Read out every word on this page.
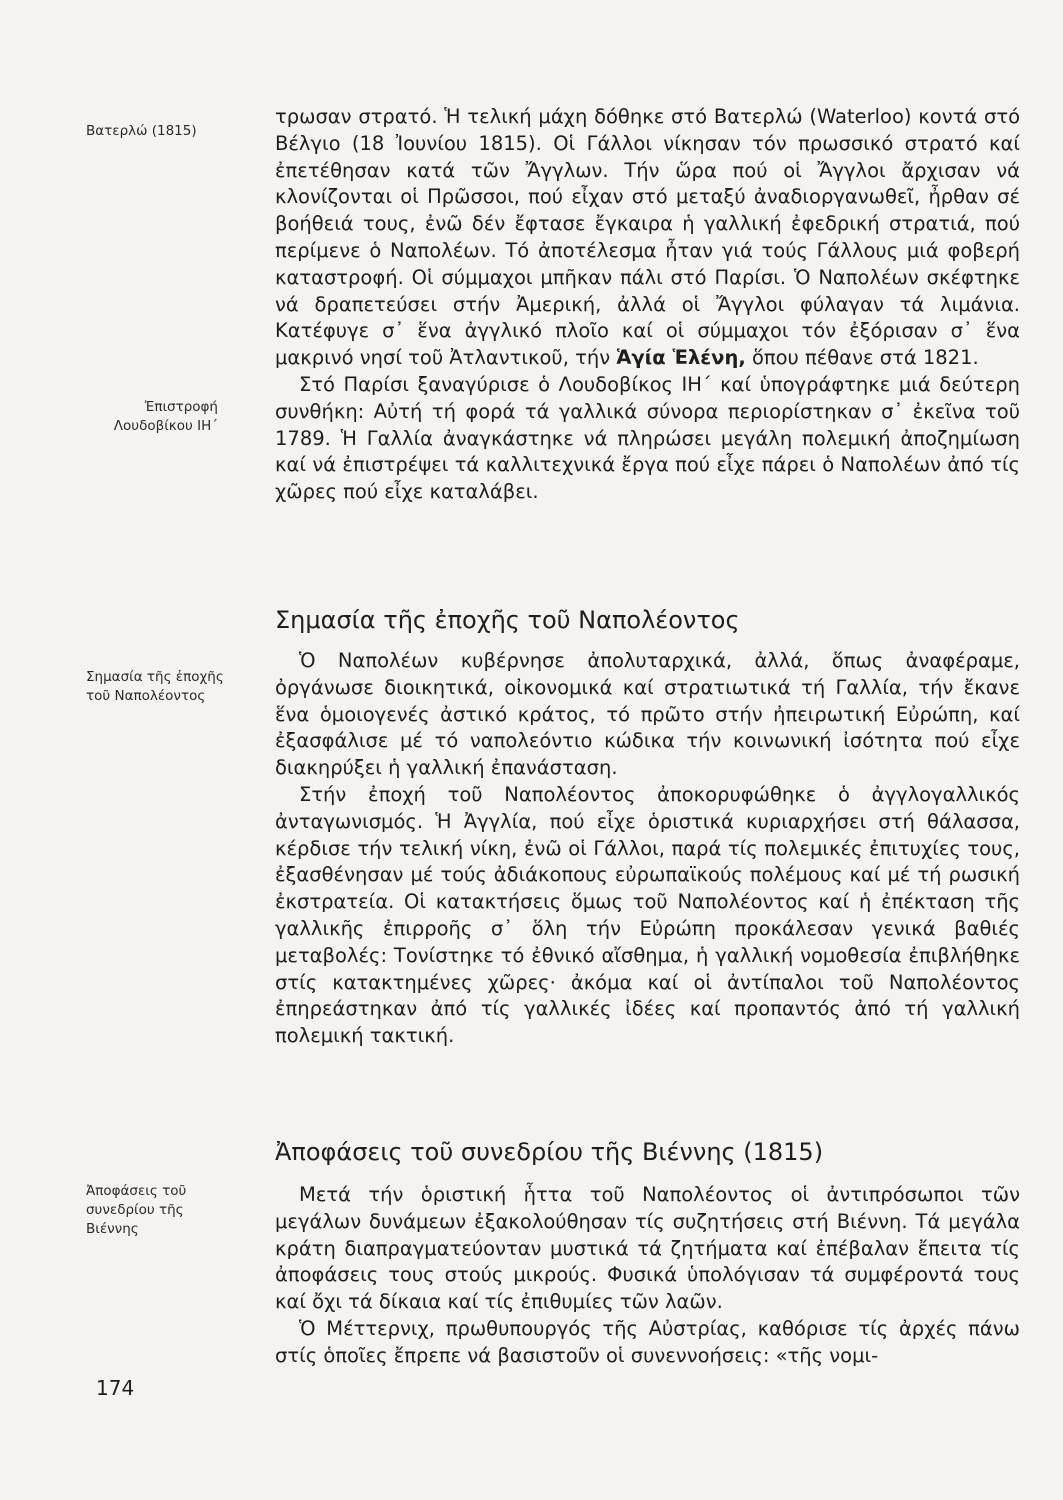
Βατερλώ (1815)
Ἐπιστροφή
Λουδοβίκου ΙΗ΄
Σημασία τῆς ἐποχῆς
τοῦ Ναπολέοντος
Ἀποφάσεις τοῦ
συνεδρίου τῆς
Βιέννης

τρωσαν στρατό. Ἡ τελική μάχη δόθηκε στό Βατερλώ (Waterloo) κοντά στό Βέλγιο (18 Ἰουνίου 1815). Οἱ Γάλλοι νίκησαν τόν πρωσσικό στρατό καί ἐπετέθησαν κατά τῶν Ἄγγλων. Τήν ὥρα πού οἱ Ἄγγλοι ἄρχισαν νά κλονίζονται οἱ Πρῶσσοι, πού εἶχαν στό μεταξύ ἀναδιοργανωθεῖ, ἦρθαν σέ βοήθειά τους, ἐνῶ δέν ἔφτασε ἔγκαιρα ἡ γαλλική ἐφεδρική στρατιά, πού περίμενε ὁ Ναπολέων. Τό ἀποτέλεσμα ἦταν γιά τούς Γάλλους μιά φοβερή καταστροφή. Οἱ σύμμαχοι μπῆκαν πάλι στό Παρίσι. Ὁ Ναπολέων σκέφτηκε νά δραπετεύσει στήν Ἀμερική, ἀλλά οἱ Ἄγγλοι φύλαγαν τά λιμάνια. Κατέφυγε σ᾽ ἕνα ἀγγλικό πλοῖο καί οἱ σύμμαχοι τόν ἐξόρισαν σ᾽ ἕνα μακρινό νησί τοῦ Ἀτλαντικοῦ, τήν Ἁγία Ἑλένη, ὅπου πέθανε στά 1821.

Στό Παρίσι ξαναγύρισε ὁ Λουδοβίκος ΙΗ΄ καί ὑπογράφτηκε μιά δεύτερη συνθήκη: Αὐτή τή φορά τά γαλλικά σύνορα περιορίστηκαν σ᾽ ἐκεῖνα τοῦ 1789. Ἡ Γαλλία ἀναγκάστηκε νά πληρώσει μεγάλη πολεμική ἀποζημίωση καί νά ἐπιστρέψει τά καλλιτεχνικά ἔργα πού εἶχε πάρει ὁ Ναπολέων ἀπό τίς χῶρες πού εἶχε καταλάβει.

Σημασία τῆς ἐποχῆς τοῦ Ναπολέοντος

Ὁ Ναπολέων κυβέρνησε ἀπολυταρχικά, ἀλλά, ὅπως ἀναφέραμε, ὀργάνωσε διοικητικά, οἰκονομικά καί στρατιωτικά τή Γαλλία, τήν ἔκανε ἕνα ὁμοιογενές ἀστικό κράτος, τό πρῶτο στήν ἠπειρωτική Εὐρώπη, καί ἐξασφάλισε μέ τό ναπολεόντιο κώδικα τήν κοινωνική ἰσότητα πού εἶχε διακηρύξει ἡ γαλλική ἐπανάσταση.

Στήν ἐποχή τοῦ Ναπολέοντος ἀποκορυφώθηκε ὁ ἀγγλογαλλικός ἀνταγωνισμός. Ἡ Ἀγγλία, πού εἶχε ὁριστικά κυριαρχήσει στή θάλασσα, κέρδισε τήν τελική νίκη, ἐνῶ οἱ Γάλλοι, παρά τίς πολεμικές ἐπιτυχίες τους, ἐξασθένησαν μέ τούς ἀδιάκοπους εὐρωπαϊκούς πολέμους καί μέ τή ρωσική ἐκστρατεία. Οἱ κατακτήσεις ὅμως τοῦ Ναπολέοντος καί ἡ ἐπέκταση τῆς γαλλικῆς ἐπιρροῆς σ᾽ ὅλη τήν Εὐρώπη προκάλεσαν γενικά βαθιές μεταβολές: Τονίστηκε τό ἐθνικό αἴσθημα, ἡ γαλλική νομοθεσία ἐπιβλήθηκε στίς κατακτημένες χῶρες· ἀκόμα καί οἱ ἀντίπαλοι τοῦ Ναπολέοντος ἐπηρεάστηκαν ἀπό τίς γαλλικές ἰδέες καί προπαντός ἀπό τή γαλλική πολεμική τακτική.

Ἀποφάσεις τοῦ συνεδρίου τῆς Βιέννης (1815)

Μετά τήν ὁριστική ἧττα τοῦ Ναπολέοντος οἱ ἀντιπρόσωποι τῶν μεγάλων δυνάμεων ἐξακολούθησαν τίς συζητήσεις στή Βιέννη. Τά μεγάλα κράτη διαπραγματεύονταν μυστικά τά ζητήματα καί ἐπέβαλαν ἔπειτα τίς ἀποφάσεις τους στούς μικρούς. Φυσικά ὑπολόγισαν τά συμφέροντά τους καί ὄχι τά δίκαια καί τίς ἐπιθυμίες τῶν λαῶν.

Ὁ Μέττερνιχ, πρωθυπουργός τῆς Αὐστρίας, καθόρισε τίς ἀρχές πάνω στίς ὁποῖες ἔπρεπε νά βασιστοῦν οἱ συνεννοήσεις: «τῆς νομι-

174
